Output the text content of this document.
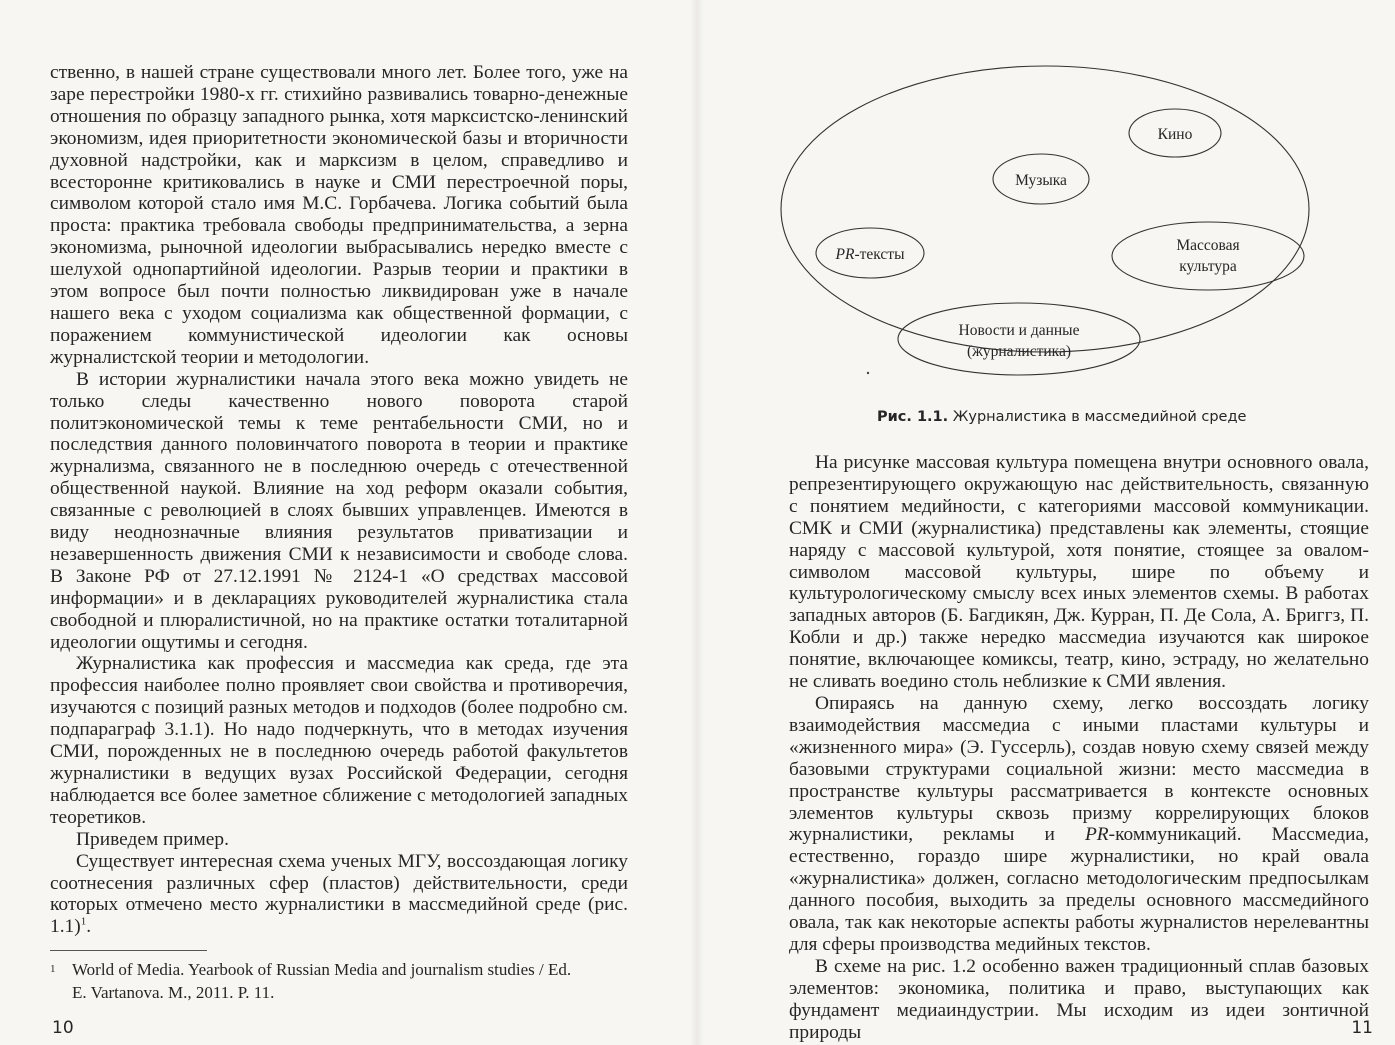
ственно, в нашей стране существовали много лет. Более того, уже на заре перестройки 1980-х гг. стихийно развивались товарно-денежные отношения по образцу западного рынка, хотя марксистско-ленинский экономизм, идея приоритетности экономической базы и вторичности духовной надстройки, как и марксизм в целом, справедливо и всесторонне критиковались в науке и СМИ перестроечной поры, символом которой стало имя М.С. Горбачева. Логика событий была проста: практика требовала свободы предпринимательства, а зерна экономизма, рыночной идеологии выбрасывались нередко вместе с шелухой однопартийной идеологии. Разрыв теории и практики в этом вопросе был почти полностью ликвидирован уже в начале нашего века с уходом социализма как общественной формации, с поражением коммунистической идеологии как основы журналистской теории и методологии.

В истории журналистики начала этого века можно увидеть не только следы качественно нового поворота старой политэкономической темы к теме рентабельности СМИ, но и последствия данного половинчатого поворота в теории и практике журнализма, связанного не в последнюю очередь с отечественной общественной наукой. Влияние на ход реформ оказали события, связанные с революцией в слоях бывших управленцев. Имеются в виду неоднозначные влияния результатов приватизации и незавершенность движения СМИ к независимости и свободе слова. В Законе РФ от 27.12.1991 № 2124-1 «О средствах массовой информации» и в декларациях руководителей журналистика стала свободной и плюралистичной, но на практике остатки тоталитарной идеологии ощутимы и сегодня.

Журналистика как профессия и массмедиа как среда, где эта профессия наиболее полно проявляет свои свойства и противоречия, изучаются с позиций разных методов и подходов (более подробно см. подпараграф 3.1.1). Но надо подчеркнуть, что в методах изучения СМИ, порожденных не в последнюю очередь работой факультетов журналистики в ведущих вузах Российской Федерации, сегодня наблюдается все более заметное сближение с методологией западных теоретиков.

Приведем пример.

Существует интересная схема ученых МГУ, воссоздающая логику соотнесения различных сфер (пластов) действительности, среди которых отмечено место журналистики в массмедийной среде (рис. 1.1)$^1$.

1 World of Media. Yearbook of Russian Media and journalism studies / Ed.
E. Vartanova. M., 2011. P. 11.
10
Кино
Музыка
PR-тексты
Массовая
культура
Новости и данные
(журналистика)
Рис. 1.1. Журналистика в массмедийной среде

На рисунке массовая культура помещена внутри основного овала, репрезентирующего окружающую нас действительность, связанную с понятием медийности, с категориями массовой коммуникации. СМК и СМИ (журналистика) представлены как элементы, стоящие наряду с массовой культурой, хотя понятие, стоящее за овалом-символом массовой культуры, шире по объему и культурологическому смыслу всех иных элементов схемы. В работах западных авторов (Б. Багдикян, Дж. Курран, П. Де Сола, А. Бриггз, П. Кобли и др.) также нередко массмедиа изучаются как широкое понятие, включающее комиксы, театр, кино, эстраду, но желательно не сливать воедино столь неблизкие к СМИ явления.

Опираясь на данную схему, легко воссоздать логику взаимодействия массмедиа с иными пластами культуры и «жизненного мира» (Э. Гуссерль), создав новую схему связей между базовыми структурами социальной жизни: место массмедиа в пространстве культуры рассматривается в контексте основных элементов культуры сквозь призму коррелирующих блоков журналистики, рекламы и PR-коммуникаций. Массмедиа, естественно, гораздо шире журналистики, но край овала «журналистика» должен, согласно методологическим предпосылкам данного пособия, выходить за пределы основного массмедийного овала, так как некоторые аспекты работы журналистов нерелевантны для сферы производства медийных текстов.

В схеме на рис. 1.2 особенно важен традиционный сплав базовых элементов: экономика, политика и право, выступающих как фундамент медиаиндустрии. Мы исходим из идеи зонтичной природы	11
